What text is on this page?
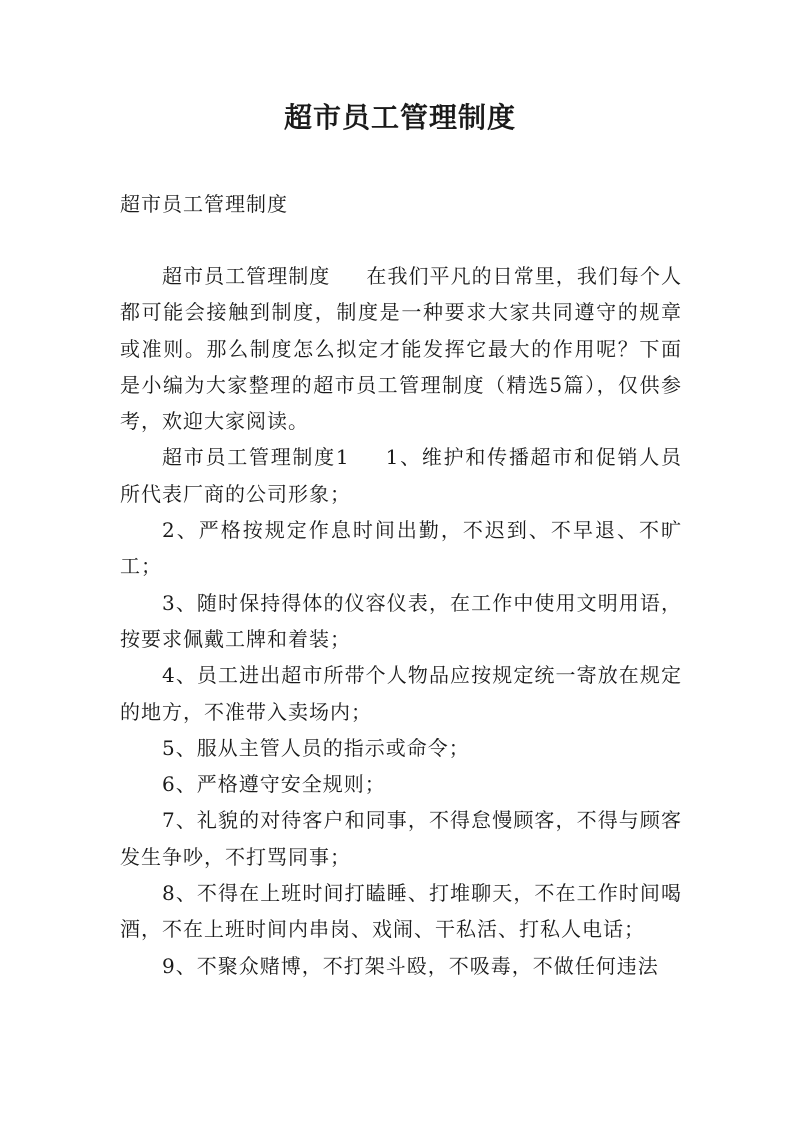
超市员工管理制度

超市员工管理制度

超市员工管理制度 在我们平凡的日常里，我们每个人都可能会接触到制度，制度是一种要求大家共同遵守的规章或准则。那么制度怎么拟定才能发挥它最大的作用呢？下面是小编为大家整理的超市员工管理制度（精选5篇），仅供参考，欢迎大家阅读。

超市员工管理制度1 1、维护和传播超市和促销人员所代表厂商的公司形象；

2、严格按规定作息时间出勤，不迟到、不早退、不旷工；

3、随时保持得体的仪容仪表，在工作中使用文明用语，按要求佩戴工牌和着装；

4、员工进出超市所带个人物品应按规定统一寄放在规定的地方，不准带入卖场内；

5、服从主管人员的指示或命令；

6、严格遵守安全规则；

7、礼貌的对待客户和同事，不得怠慢顾客，不得与顾客发生争吵，不打骂同事；

8、不得在上班时间打瞌睡、打堆聊天，不在工作时间喝酒，不在上班时间内串岗、戏闹、干私活、打私人电话；

9、不聚众赌博，不打架斗殴，不吸毒，不做任何违法
